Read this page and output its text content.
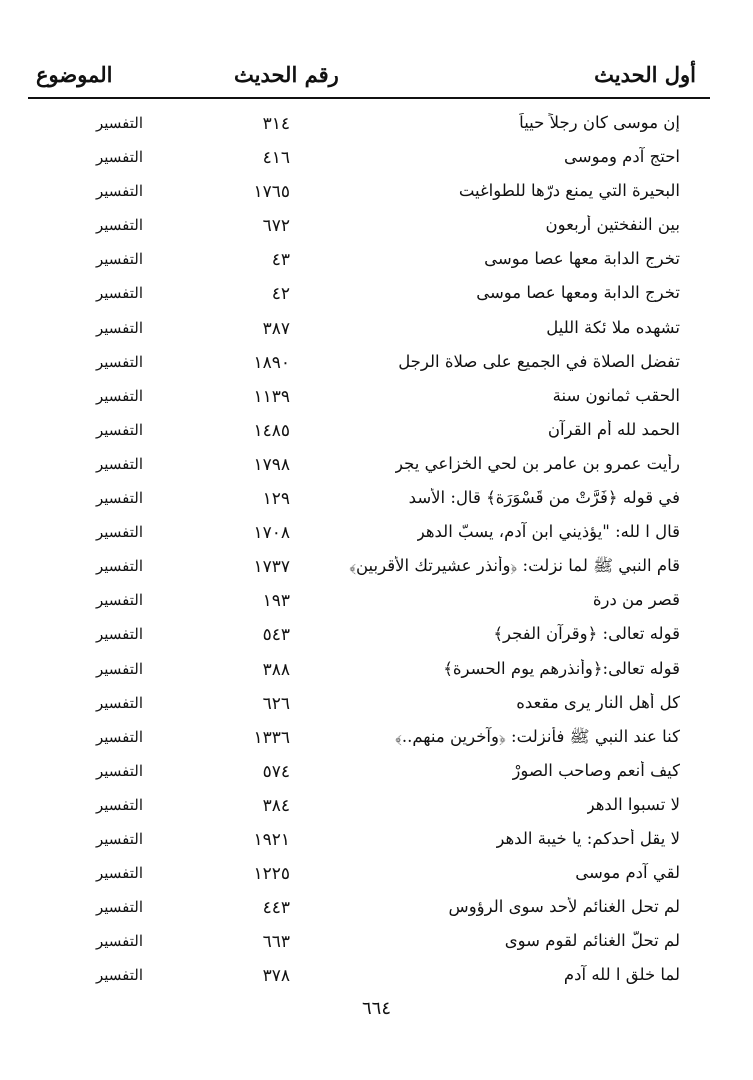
أول الحديث
رقم الحديث
الموضوع
إن موسى كان رجلاً حيياً
٣١٤
التفسير
احتج آدم وموسى
٤١٦
التفسير
البحيرة التي يمنع درّها للطواغيت
١٧٦٥
التفسير
بين النفختين أربعون
٦٧٢
التفسير
تخرج الدابة معها عصا موسى
٤٣
التفسير
تخرج الدابة ومعها عصا موسى
٤٢
التفسير
تشهده ملا ئكة الليل
٣٨٧
التفسير
تفضل الصلاة في الجميع على صلاة الرجل
١٨٩٠
التفسير
الحقب ثمانون سنة
١١٣٩
التفسير
الحمد لله أم القرآن
١٤٨٥
التفسير
رأيت عمرو بن عامر بن لحي الخزاعي يجر
١٧٩٨
التفسير
في قوله ﴿فَرَّتْ من قَسْوَرَة﴾ قال: الأسد
١٢٩
التفسير
قال ا لله: "يؤذيني ابن آدم، يسبّ الدهر
١٧٠٨
التفسير
قام النبي ﷺ لما نزلت: ﴿وأنذر عشيرتك الأقربين﴾
١٧٣٧
التفسير
قصر من درة
١٩٣
التفسير
قوله تعالى: ﴿وقرآن الفجر﴾
٥٤٣
التفسير
قوله تعالى:﴿وأنذرهم يوم الحسرة﴾
٣٨٨
التفسير
كل أهل النار يرى مقعده
٦٢٦
التفسير
كنا عند النبي ﷺ فأنزلت: ﴿وآخرين منهم..﴾
١٣٣٦
التفسير
كيف أنعم وصاحب الصورْ
٥٧٤
التفسير
لا تسبوا الدهر
٣٨٤
التفسير
لا يقل أحدكم: يا خيبة الدهر
١٩٢١
التفسير
لقي آدم موسى
١٢٢٥
التفسير
لم تحل الغنائم لأحد سوى الرؤوس
٤٤٣
التفسير
لم تحلّ الغنائم لقوم سوى
٦٦٣
التفسير
لما خلق ا لله آدم
٣٧٨
التفسير
٦٦٤
